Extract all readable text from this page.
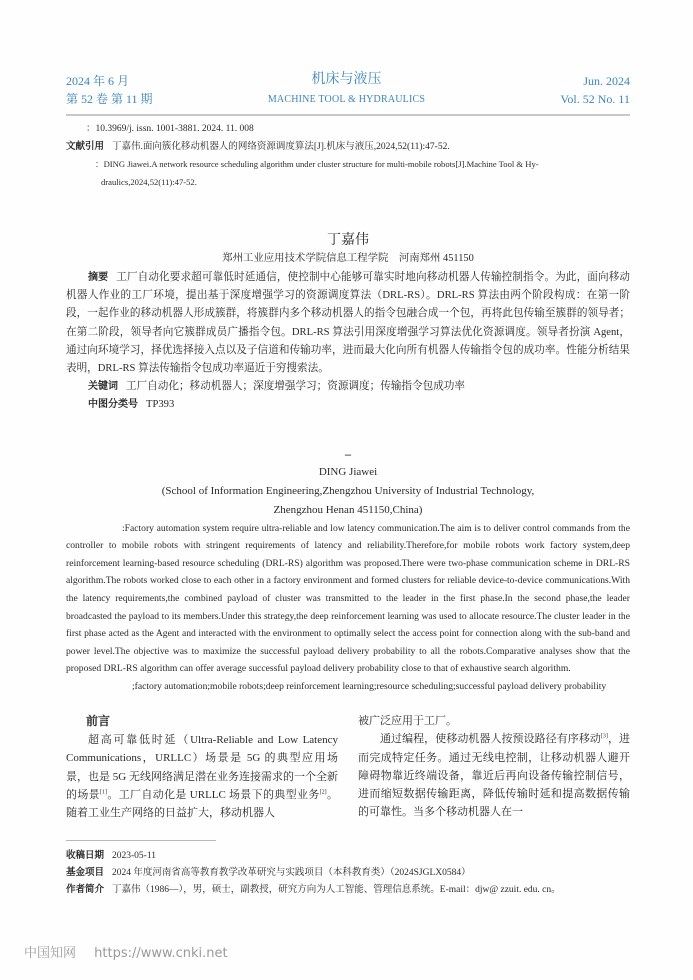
2024 年 6 月
第 52 卷 第 11 期
机床与液压
MACHINE TOOL & HYDRAULICS
Jun. 2024
Vol. 52 No. 11
：10.3969/j. issn. 1001-3881. 2024. 11. 008
文献引用 丁嘉伟.面向簇化移动机器人的网络资源调度算法[J].机床与液压,2024,52(11):47-52.
：DING Jiawei.A network resource scheduling algorithm under cluster structure for multi-mobile robots[J].Machine Tool & Hy-
draulics,2024,52(11):47-52.
丁嘉伟
郑州工业应用技术学院信息工程学院　河南郑州 451150
摘要 工厂自动化要求超可靠低时延通信，使控制中心能够可靠实时地向移动机器人传输控制指令。为此，面向移动机器人作业的工厂环境，提出基于深度增强学习的资源调度算法（DRL-RS）。DRL-RS 算法由两个阶段构成：在第一阶段，一起作业的移动机器人形成簇群，将簇群内多个移动机器人的指令包融合成一个包，再将此包传输至簇群的领导者；在第二阶段，领导者向它簇群成员广播指令包。DRL-RS 算法引用深度增强学习算法优化资源调度。领导者扮演 Agent，通过向环境学习，择优选择接入点以及子信道和传输功率，进而最大化向所有机器人传输指令包的成功率。性能分析结果表明，DRL-RS 算法传输指令包成功率逼近于穷搜索法。
关键词 工厂自动化；移动机器人；深度增强学习；资源调度；传输指令包成功率
中图分类号 TP393
–
DING Jiawei
(School of Information Engineering,Zhengzhou University of Industrial Technology,
Zhengzhou Henan 451150,China)
:Factory automation system require ultra-reliable and low latency communication.The aim is to deliver control commands from the controller to mobile robots with stringent requirements of latency and reliability.Therefore,for mobile robots work factory system,deep reinforcement learning-based resource scheduling (DRL-RS) algorithm was proposed.There were two-phase communication scheme in DRL-RS algorithm.The robots worked close to each other in a factory environment and formed clusters for reliable device-to-device communications.With the latency requirements,the combined payload of cluster was transmitted to the leader in the first phase.In the second phase,the leader broadcasted the payload to its members.Under this strategy,the deep reinforcement learning was used to allocate resource.The cluster leader in the first phase acted as the Agent and interacted with the environment to optimally select the access point for connection along with the sub-band and power level.The objective was to maximize the successful payload delivery probability to all the robots.Comparative analyses show that the proposed DRL-RS algorithm can offer average successful payload delivery probability close to that of exhaustive search algorithm.
;factory automation;mobile robots;deep reinforcement learning;resource scheduling;successful payload delivery probability
前言
超高可靠低时延（Ultra-Reliable and Low Latency Communications，URLLC）场景是 5G 的典型应用场景，也是 5G 无线网络满足潜在业务连接需求的一个全新的场景[1]。工厂自动化是 URLLC 场景下的典型业务[2]。随着工业生产网络的日益扩大，移动机器人
被广泛应用于工厂。
通过编程，使移动机器人按预设路径有序移动[3]，进而完成特定任务。通过无线电控制，让移动机器人避开障碍物靠近终端设备，靠近后再向设备传输控制信号，进而缩短数据传输距离，降低传输时延和提高数据传输的可靠性。当多个移动机器人在一
收稿日期 2023-05-11
基金项目 2024 年度河南省高等教育教学改革研究与实践项目（本科教育类）（2024SJGLX0584）
作者简介 丁嘉伟（1986—），男，硕士，副教授，研究方向为人工智能、管理信息系统。E-mail：djw@ zzuit. edu. cn。
中国知网 https://www.cnki.net
